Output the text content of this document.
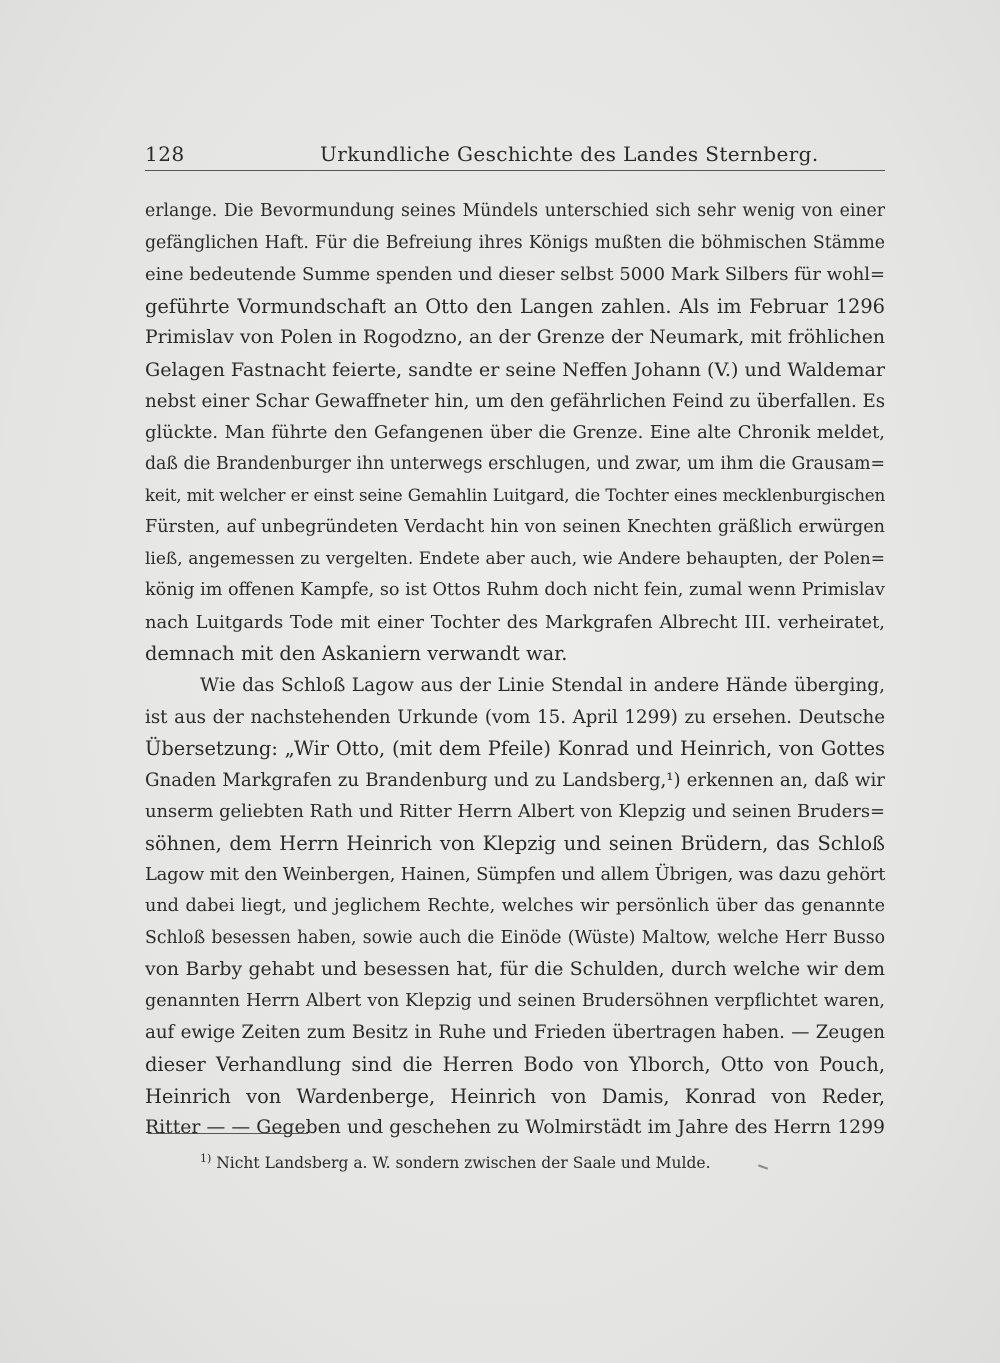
128	Urkundliche Geschichte des Landes Sternberg.
erlange. Die Bevormundung seines Mündels unterschied sich sehr wenig von einer
gefänglichen Haft. Für die Befreiung ihres Königs mußten die böhmischen Stämme
eine bedeutende Summe spenden und dieser selbst 5000 Mark Silbers für wohl=
geführte Vormundschaft an Otto den Langen zahlen. Als im Februar 1296
Primislav von Polen in Rogodzno, an der Grenze der Neumark, mit fröhlichen
Gelagen Fastnacht feierte, sandte er seine Neffen Johann (V.) und Waldemar
nebst einer Schar Gewaffneter hin, um den gefährlichen Feind zu überfallen. Es
glückte. Man führte den Gefangenen über die Grenze. Eine alte Chronik meldet,
daß die Brandenburger ihn unterwegs erschlugen, und zwar, um ihm die Grausam=
keit, mit welcher er einst seine Gemahlin Luitgard, die Tochter eines mecklenburgischen
Fürsten, auf unbegründeten Verdacht hin von seinen Knechten gräßlich erwürgen
ließ, angemessen zu vergelten. Endete aber auch, wie Andere behaupten, der Polen=
könig im offenen Kampfe, so ist Ottos Ruhm doch nicht fein, zumal wenn Primislav
nach Luitgards Tode mit einer Tochter des Markgrafen Albrecht III. verheiratet,
demnach mit den Askaniern verwandt war.
Wie das Schloß Lagow aus der Linie Stendal in andere Hände überging,
ist aus der nachstehenden Urkunde (vom 15. April 1299) zu ersehen. Deutsche
Übersetzung: „Wir Otto, (mit dem Pfeile) Konrad und Heinrich, von Gottes
Gnaden Markgrafen zu Brandenburg und zu Landsberg,¹) erkennen an, daß wir
unserm geliebten Rath und Ritter Herrn Albert von Klepzig und seinen Bruders=
söhnen, dem Herrn Heinrich von Klepzig und seinen Brüdern, das Schloß
Lagow mit den Weinbergen, Hainen, Sümpfen und allem Übrigen, was dazu gehört
und dabei liegt, und jeglichem Rechte, welches wir persönlich über das genannte
Schloß besessen haben, sowie auch die Einöde (Wüste) Maltow, welche Herr Busso
von Barby gehabt und besessen hat, für die Schulden, durch welche wir dem
genannten Herrn Albert von Klepzig und seinen Brudersöhnen verpflichtet waren,
auf ewige Zeiten zum Besitz in Ruhe und Frieden übertragen haben. — Zeugen
dieser Verhandlung sind die Herren Bodo von Ylborch, Otto von Pouch,
Heinrich von Wardenberge, Heinrich von Damis, Konrad von Reder,
Ritter — — Gegeben und geschehen zu Wolmirstädt im Jahre des Herrn 1299
$^{1)}$ Nicht Landsberg a. W. sondern zwischen der Saale und Mulde.
